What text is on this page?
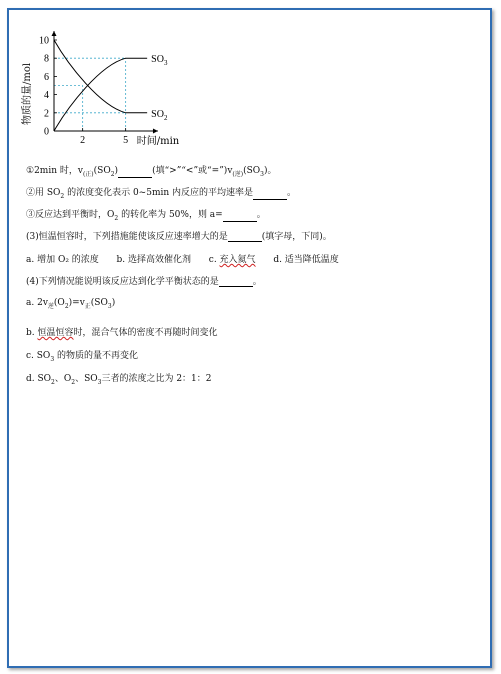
0
2
4
6
8
10
2	5 时间/min
$SO_3$
$SO_2$
物质的量/mol
①2min 时，$v_{(正)}(SO_2)$	(填“>”“<”或“$=”)v_{(逆)}(SO_3)$。
②用 $SO_2$ 的浓度变化表示 0~5min 内反应的平均速率是	。
③反应达到平衡时，$O_2$ 的转化率为 50%，则 a=	。
(3)恒温恒容时，下列措施能使该反应速率增大的是	(填字母，下同)。
a. 增加 O₂ 的浓度 b. 选择高效催化剂 c. 充入氦气 d. 适当降低温度
(4)下列情况能说明该反应达到化学平衡状态的是	。
a. $2v_逆(O_2)=v_正(SO_3)$
b. 恒温恒容时，混合气体的密度不再随时间变化
c. $SO_3$ 的物质的量不再变化
d. $SO_2$、$O_2$、$SO_3$三者的浓度之比为 2：1：2
